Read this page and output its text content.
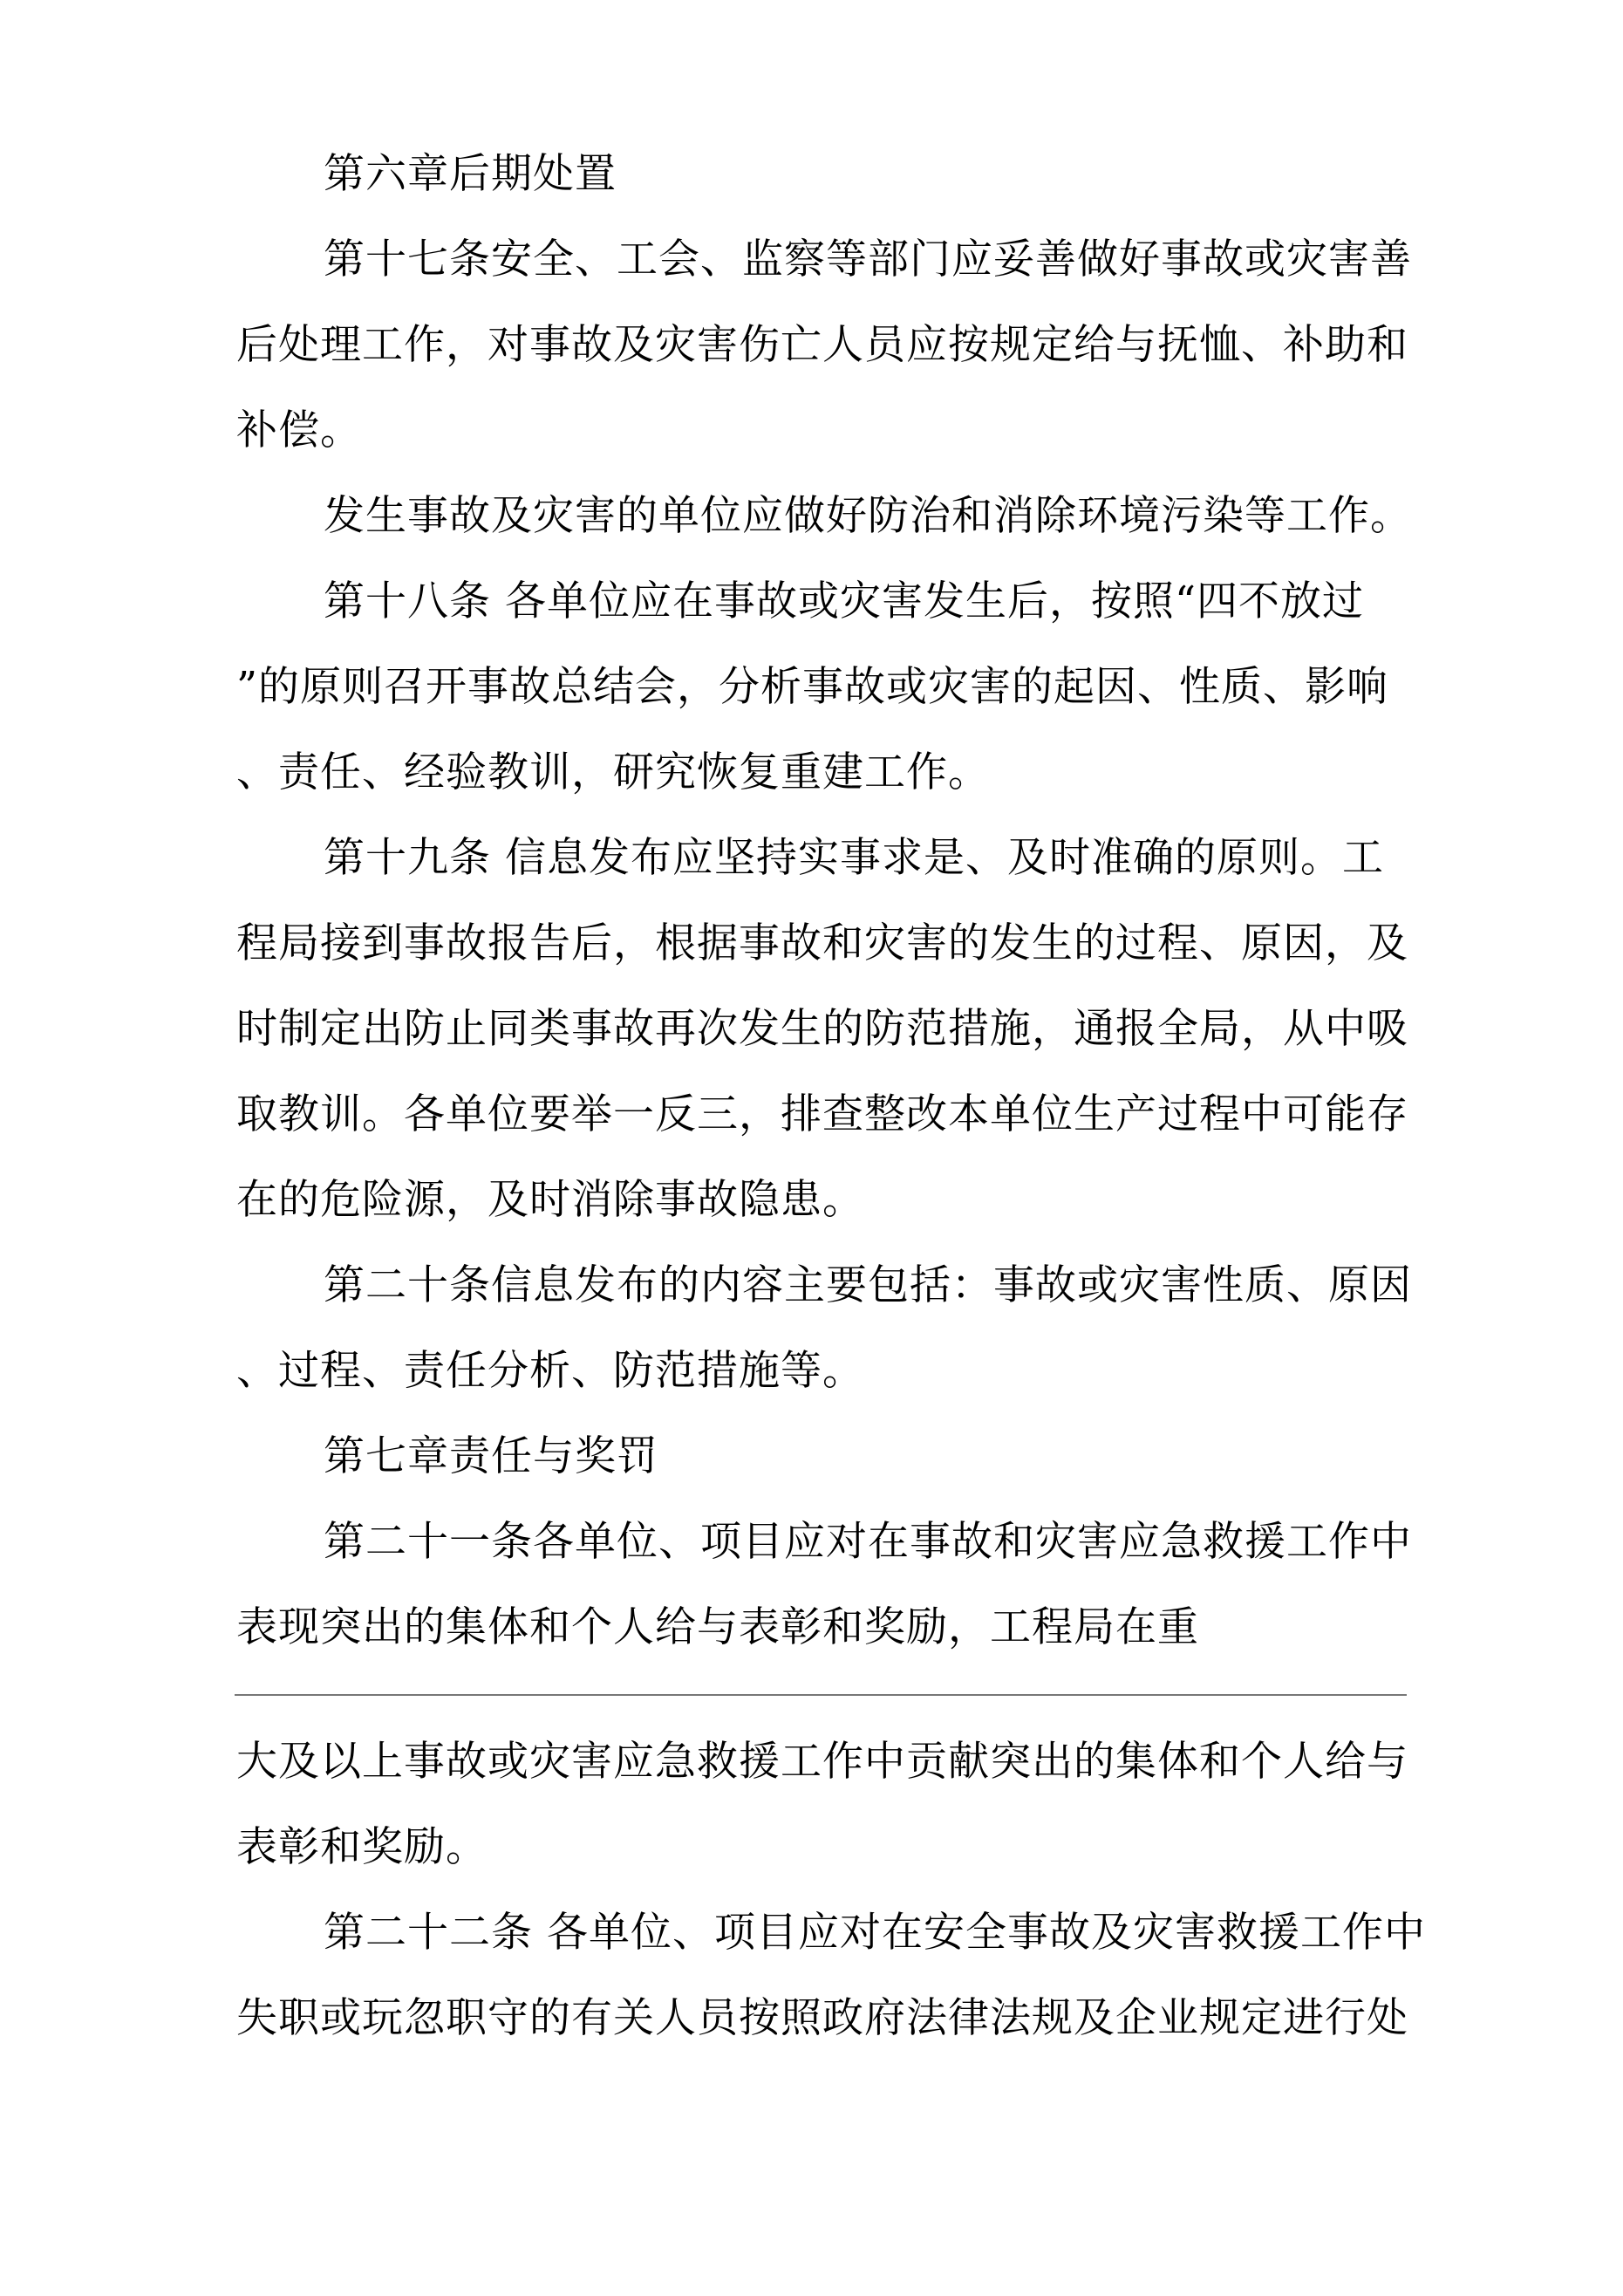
第六章后期处置
第十七条安全、工会、监察等部门应妥善做好事故或灾害善
后处理工作，对事故及灾害伤亡人员应按规定给与抚恤、补助和
补偿。
发生事故及灾害的单位应做好防治和消除环境污染等工作。
第十八条 各单位应在事故或灾害发生后，按照“四不放过
”的原则召开事故总结会，分析事故或灾害的起因、性质、影响
、责任、经验教训，研究恢复重建工作。
第十九条 信息发布应坚持实事求是、及时准确的原则。工
程局接到事故报告后，根据事故和灾害的发生的过程、原因，及
时制定出防止同类事故再次发生的防范措施，通报全局，从中吸
取教训。各单位要举一反三，排查整改本单位生产过程中可能存
在的危险源，及时消除事故隐患。
第二十条信息发布的内容主要包括：事故或灾害性质、原因
、过程、责任分析、防范措施等。
第七章责任与奖罚
第二十一条各单位、项目应对在事故和灾害应急救援工作中
表现突出的集体和个人给与表彰和奖励，工程局在重
大及以上事故或灾害应急救援工作中贡献突出的集体和个人给与
表彰和奖励。
第二十二条 各单位、项目应对在安全事故及灾害救援工作中
失职或玩忽职守的有关人员按照政府法律法规及企业规定进行处
